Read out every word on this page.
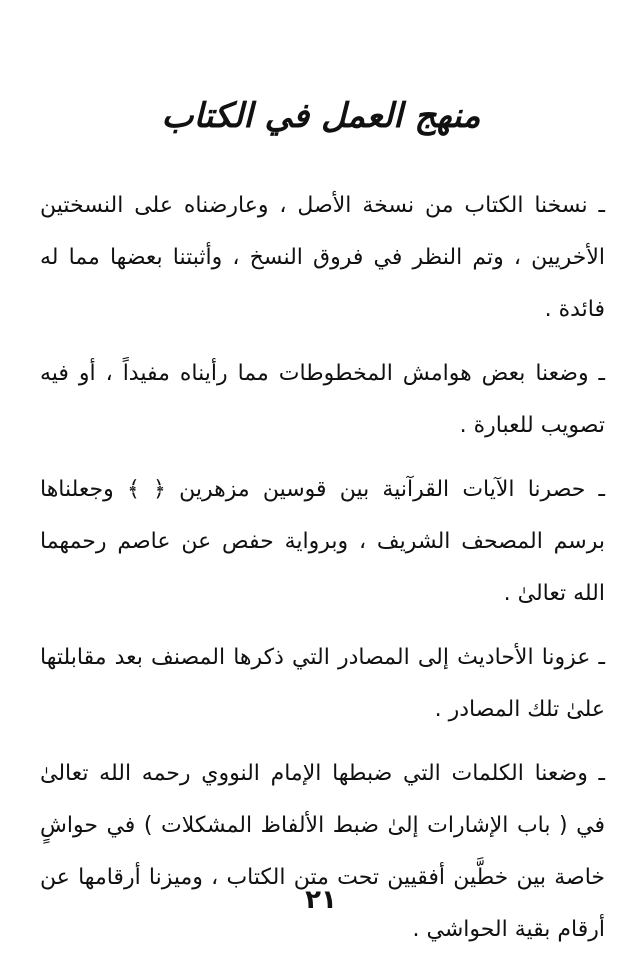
منهج العمل في الكتاب

ـ نسخنا الكتاب من نسخة الأصل ، وعارضناه على النسختين الأخريين ، وتم النظر في فروق النسخ ، وأثبتنا بعضها مما له فائدة .

ـ وضعنا بعض هوامش المخطوطات مما رأيناه مفيداً ، أو فيه تصويب للعبارة .

ـ حصرنا الآيات القرآنية بين قوسين مزهرين ﴿ ﴾ وجعلناها برسم المصحف الشريف ، وبرواية حفص عن عاصم رحمهما الله تعالىٰ .

ـ عزونا الأحاديث إلى المصادر التي ذكرها المصنف بعد مقابلتها علىٰ تلك المصادر .

ـ وضعنا الكلمات التي ضبطها الإمام النووي رحمه الله تعالىٰ في ( باب الإشارات إلىٰ ضبط الألفاظ المشكلات ) في حواشٍ خاصة بين خطَّين أفقيين تحت متن الكتاب ، وميزنا أرقامها عن أرقام بقية الحواشي .

٢١
